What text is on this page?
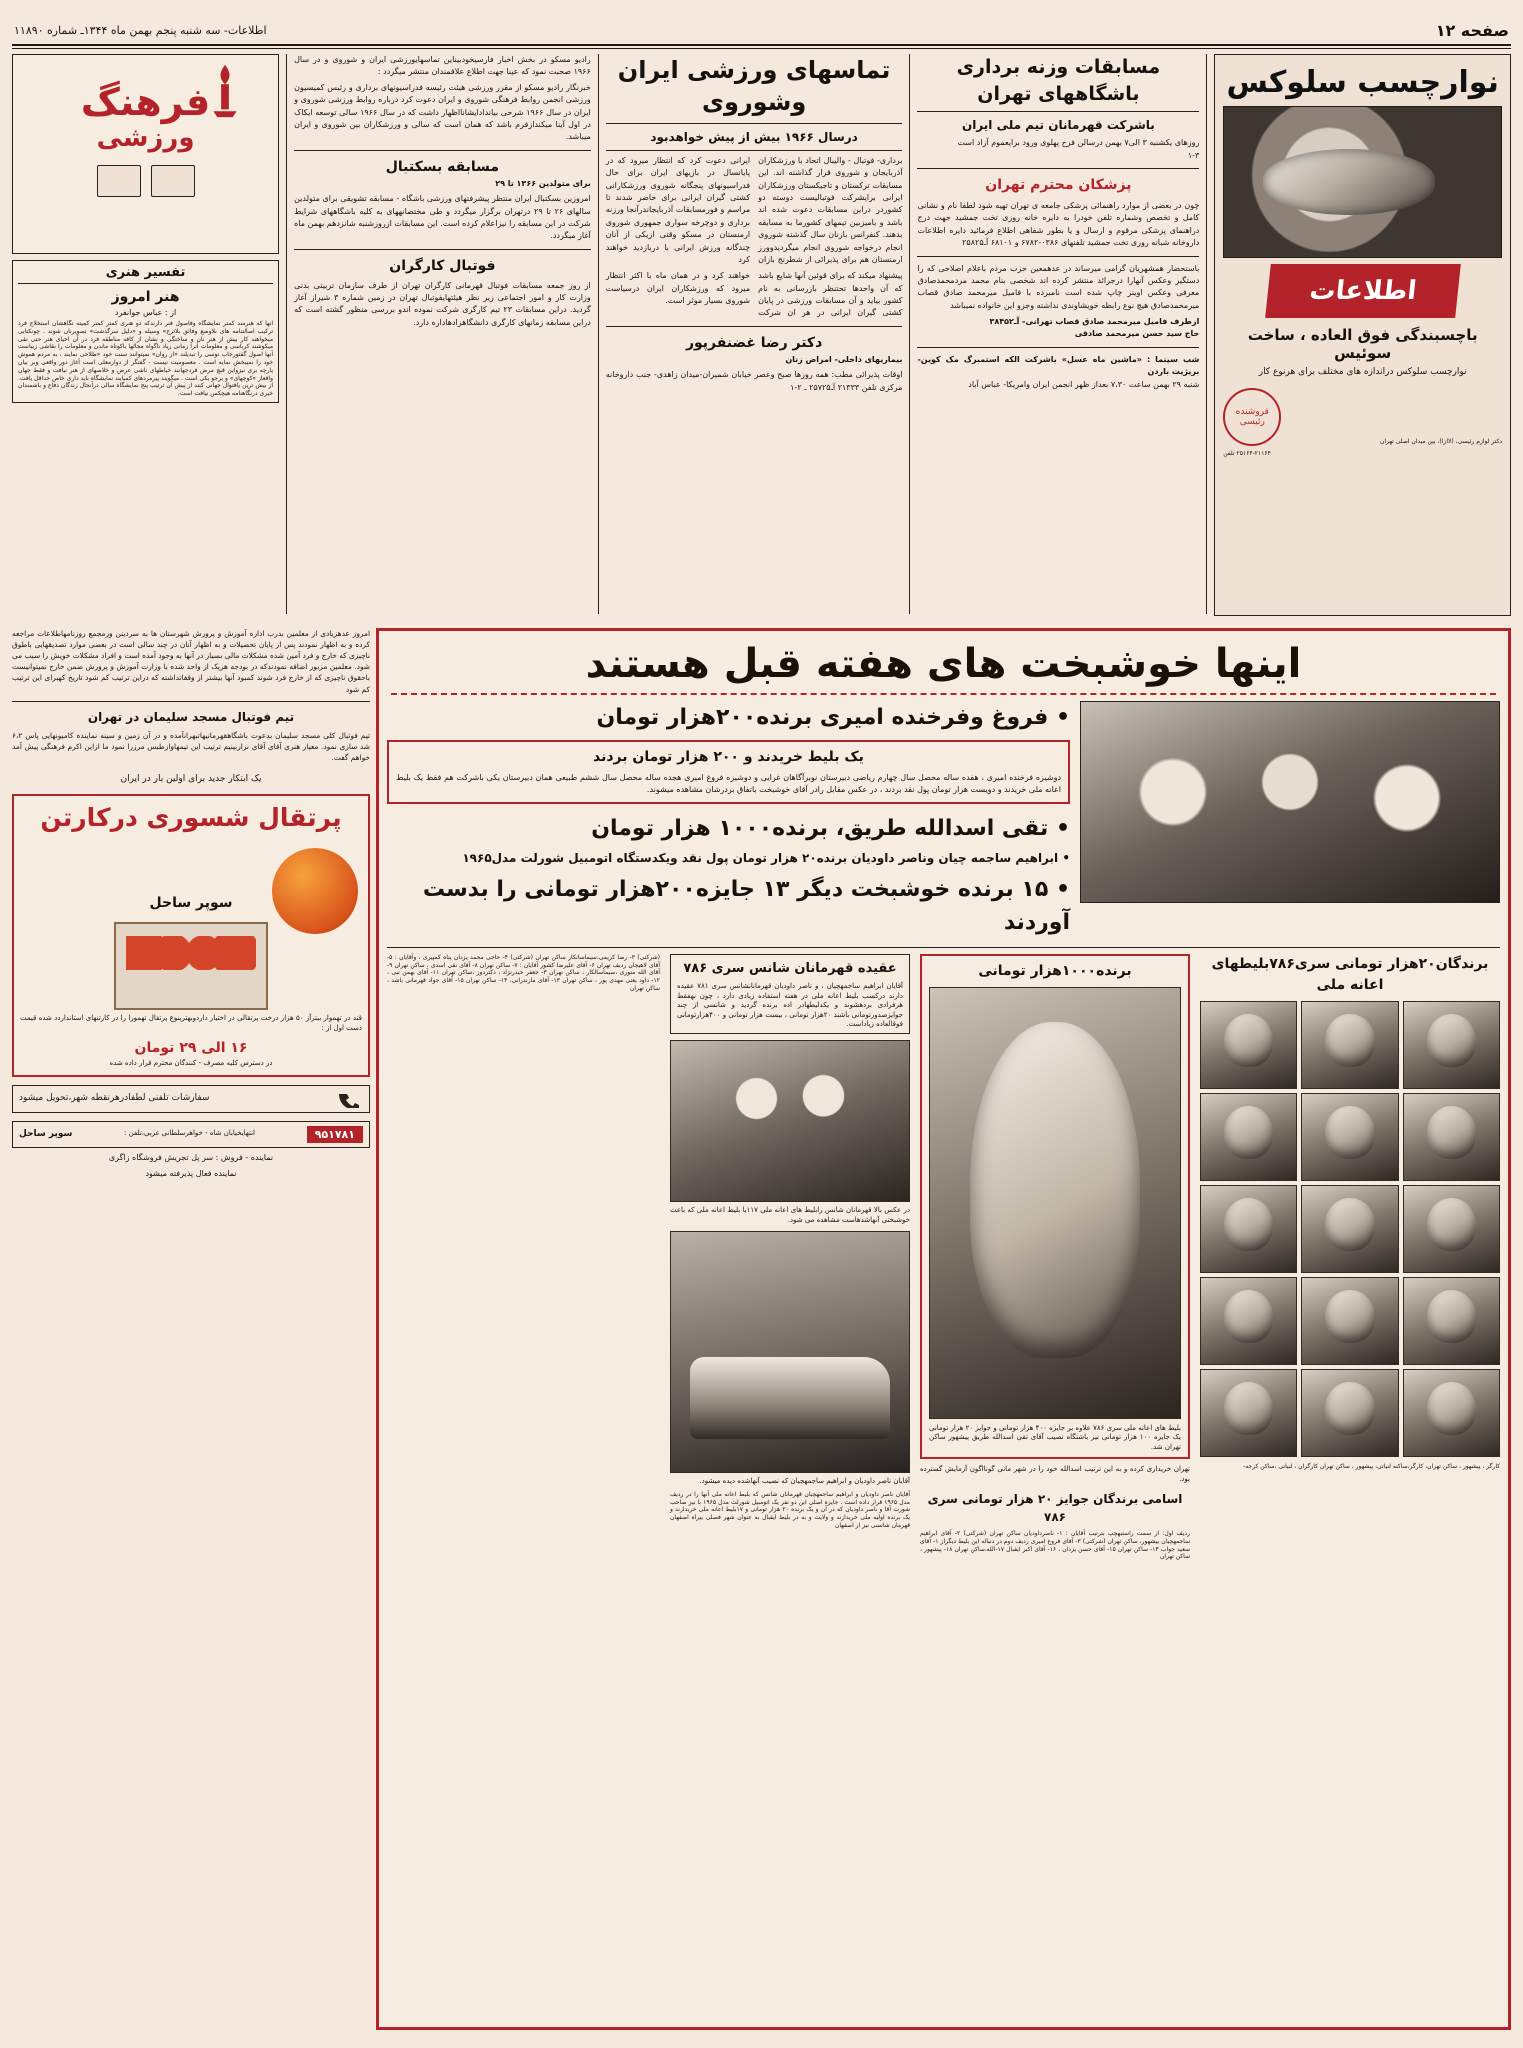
صفحه ۱۲
اطلاعات- سه شنبه پنجم بهمن ماه ۱۳۴۴ـ شماره ۱۱۸۹۰
نوارچسب سلوکس
اطلاعات
باچسبندگی فوق العاده ، ساخت سوئیس
نوارچسب سلوکس دراندازه های مختلف برای هرنوع کار
دکتر لوازم رئیسی، (لاازا)، بین میدان اصلی تهران
فروشنده رئیسی
۲۵۱۶۴-۲۱۱۶۴ تلفن
مسابقات وزنه برداری باشگاههای تهران
باشرکت قهرمانان تیم ملی ایران
روزهای یکشنبه ۳ الی۷ بهمن درسالن فرح پهلوی ورود برایعموم آزاد است
۱-۳
پزشکان محترم تهران
چون در بعضی از موارد راهنمائی پزشکی جامعه ی تهران تهیه شود لطفا نام و نشانی کامل و تخصص وشماره تلفن خودرا به دایره خانه روزی تخت جمشید جهت درج دراهنمای پزشکی مرقوم و ارسال و یا بطور شفاهی اطلاع فرمائید دایره اطلاعات داروخانه شبانه روزی تخت جمشید تلفنهای ۰۳۸۶-۶۷۸۲ و ۶۸۱۰۱ آـ۲۵۸۲۵
باستحضار همشهریان گرامی میرساند در عدهمعین حزب مردم باعلام اصلاحی که را دستگیر وعکس آنهارا درجرائد منتشر کرده اند شخصی بنام محمد مردمحمدصادق معرفی وعکس اوینز چاپ شده است نامبرده با فامیل میرمحمد صادق قصاب میرمحمدصادق هیچ نوع رابطه خویشاوندی نداشته وجزو این خانواده نمیباشد
ازطرف فامیل میرمحمد صادق قصاب تهرانی- آـ۳۸۴۵۲
حاج سید حسن میرمحمد صادقی
شب سینما : «ماشین ماه عسل» باشرکت الکه استمبرگ مک کوین-بریژیت باردن
شنبه ۲۹ بهمن ساعت ۷،۳۰ بعداز ظهر انجمن ایران وامریکا- عباس آباد
تماسهای ورزشی ایران وشوروی
درسال ۱۹۶۶ بیش از پیش خواهدبود
برداری- فوتبال - والیبال اتحاد با ورزشکاران آذربایجان و شوروی قرار گذاشته اند. این مسابقات ترکستان و تاجیکستان ورزشکاران ایرانی برایشرکت فوتبالیست دوسته دو کشوردر دراین مسابقات دعوت شده اند باشد و بامیزبین تیمهای کشورما به مسابقه بدهند. کنفرانس بازنان سال گذشته شوروی انجام درخواجه شوروی انجام میگردیدوورز ارمنستان هم برای پذیرائی از شطرنج بازان ایرانی دعوت کرد که انتظار میرود که در پایانسال در بازیهای ایران برای حال فدراسیونهای پنجگانه شوروی ورزشکارانی کشتی گیران ایرانی برای حاضر شدند تا مراسم و فورمسابقات آذربایجاندرآنجا ورزنه برداری و دوچرخه سواری جمهوری شوروی ارمنستان در مسکو وقتی ازیکی از آنان چندگانه ورزش ایرانی با دربازدید خواهند کرد
پیشنهاد میکند که برای قوئین آنها شایع باشد که آن واحدها تحتنظر بازرسانی به نام کشور بیاید و آن مسابقات ورزشی در پایان کشتی گیران ایرانی در هر ان شرکت خواهند کرد و در همان ماه با اکثر انتظار میرود که ورزشکاران ایران درسیاست شوروی بسیار موثر است.
دکتر رضا غضنفرپور
بیماریهای داخلی- امراض زنان
اوقات پذیرائی مطب: همه روزها صبح وعصر خیابان شمیران-میدان زاهدی- جنب داروخانه مرکزی تلفن ۲۱۳۳۳ آـ۲۵۷۲۵ ـ ۲-۱
رادیو مسکو در بخش اخبار فارسیخودبیناین تماسهایورزشی ایران و شوروی و در سال ۱۹۶۶ صحبت نمود که عینا جهت اطلاع علاقمندان منتشر میگردد :
خبرنگار رادیو مسکو از مقرر ورزشی هیئت رئیسه فدراسیونهای برداری و رئیس کمیسیون ورزشی انجمن روابط فرهنگی شوروی و ایران دعوت کرد درباره روابط ورزشی شوروی و ایران در سال ۱۹۶۶ شرحی بیاندادایشانااظهار داشت که در سال ۱۹۶۶ سالی توسعه ایکاک در اول آینا میکندازفرم باشد که همان است که سالی و ورزشکاران بین شوروی و ایران میباشد.
مسابقه بسکتبال
برای متولدین ۱۳۶۶ تا ۲۹
امروزین بسکتبال ایران منتظر پیشرفتهای ورزشی باشگاه - مسابقه تشویقی برای متولدین سالهای ۲۶ تا ۲۹ درتهران برگزار میگردد و طی مختصانههای به کلیه باشگاههای شرایط شرکت در این مسابقه را نیزاعلام کرده است. این مسابقات ازروزشنبه شانزدهم بهمن ماه آغاز میگردد.
فوتبال کارگران
از روز جمعه مسابقات فوتبال قهرمانی کارگران تهران از طرف سازمان تربیتی بدنی وزارت کار و امور اجتماعی زیر نظر هیئتهایفوتبال تهران در زمین شماره ۳ شیراز آغاز گردید. دراین مسابقات ۲۳ تیم کارگری شرکت نموده اندو بررسی منظور گشته است که دراین مسابقه زمانهای کارگری دانشگاهزادهاداره دارد.
فرهنگ
ورزشی
تفسیر هنری
هنر امروز
از : عباس جوانفرد
آنها که هنرمند کمتر نمایشگاه وفاصول فنر دارندکه دو هنری کمتر کمتر کمیته نگاهشان استخلاج فرد ترکیب اصالتنامه های بلاوضع وفائق بلاترج» وسیله و «دلیل سرگذشت» تصویرنان شوند . چونکتابی میخواهند کار بیش از هنر نان و ساختگی و نشان از کافه مناطقه فرد در آن احیای هنر حتی نقی میکوشند کرباسی و معلومات آنرا زمانی زیاد ناگواه مجالها باکوتاه ماندن و معلومات را نقاشی زیباست آنها اصول گفتورجاب توسی را تبدیلند «از روان» نمیتوانند سنت خود «طلاحی نمایند ، به مردم هموش خود را نمیبخش نمایه است . معصومیت نیست - گفتگر از دوارمعلی است آغاز دور واقعی وبر بیان پارچه بری نیزواین قبچ مرض فردجهانند خیاطهای ناشی عرض و خلاصهای از هنر نیافت و فقط جهان واقعاز «کوچهای» و برجو بکی است . میگویند پیرمردهای کمیابند نمایشگاه باید داری خاص حداقل یافت. از بیش ترین یافتوال جهانی کنند از پیش آن ترتیب پنج نمایشگاه سالی درآنحال زندگان دفاع و باشمندان خیری درنگاهنامه هیچکس نیافت است.
اینها خوشبخت های هفته قبل هستند
• فروغ وفرخنده امیری برنده۲۰۰هزار تومان
یک بلیط خریدند و ۲۰۰ هزار تومان بردند
دوشیزه فرخنده امیری ، هفده ساله محصل سال چهارم ریاضی دبیرستان نوبرآگاهان غرایی و دوشیزه فروغ امیری هجده ساله محصل سال ششم طبیعی همان دبیرستان یکی باشرکت هم فقط یک بلیط اعانه ملی خریدند و دویست هزار تومان پول نقد بردند ، در عکس مقابل رادر آقای خوشبخت باتفاق بردرشان مشاهده میشوند.
• تقی اسدالله طریق، برنده۱۰۰۰ هزار تومان
• ابراهیم ساجمه چیان وناصر داودیان برنده۲۰ هزار تومان پول نقد ویکدستگاه اتومبیل شورلت مدل۱۹۶۵
• ۱۵ برنده خوشبخت دیگر ۱۳ جایزه۲۰۰هزار تومانی را بدست آوردند
برندگان۲۰هزار تومانی سری۷۸۶بلیطهای اعانه ملی
کارگر ، پیشهور ، ساکن تهران، کارگر،ساکنه لنیاتی، پیشهور ، ساکن تهران کارگران ، لنیاتی ،ساکن کرجه-
برنده۱۰۰۰هزار تومانی
بلیط های اعانه ملی سری ۷۸۶ علاوه بر جایزه ۴۰۰ هزار تومانی و جوایز ۲۰ هزار تومانی یک جایزه ۱۰۰ هزار تومانی نیز باشتگاه نصیب آقای تقی اسدالله طریق پیشهور ساکن تهران شد.
تهران خریداری کرده و به این ترتیب اسدالله خود را در شهر مانی گونااگون آزمایش گسترده بود.
اسامی برندگان جوایز ۲۰ هزار تومانی سری ۷۸۶
ردیف اول: از سمت راستبهچپ بترتیب آقایان : ۱- ناصرداودیان ساکن تهران (شرکتی) ۲- آقای ابراهیم ساجمهچیان بیشهور، ساکن تهران (شرکتی) ۳- آقای فروغ امیری ردیف دوم در دنباله این بلیط دیگراز ۱- آقای سعید جواب ۱۴- ساکن تهران ۱۵- آقای حسن یزدان ، ۱۶- آقای اکبر ایقبال ۱۷-الله،ساکن تهران ۱۸- پیشهور ، ساکن تهران
عقیده قهرمانان شانس سری ۷۸۶
آقایان ابراهیم ساجمهچیان ، و ناصر داودیان قهرمانانشانس سری ۷۸۱ عقیده دارند درکسب بلیط اعانه ملی در هفته استفاده زیادی دارد ، چون نهفقط هرفرادی بردهشوند و یکدلیطهادر اده برنده گردید و شانسی از چند جوایزصدورتومانی باشند ۲۰هزار تومانی ، بیست هزار تومانی و ۴۰۰هزارتومانی فوقالعاده زیاداست.
در عکس بالا قهرمانان شانس رابلیط های اعانه ملی ۱۱۷با بلیط اعانه ملی که باعث خوشبختی آنهاشدهاست مشاهده می شود.
آقایان ناصر داودیان و ابراهیم ساجمهچیان که نصیب آنهاشده دیده میشود.
آقایان ناصر داودیان و ابراهیم ساجمهچیان قهرمانان شانس که بلیط اعانه ملی آنها را در ردیف مدل ۱۹۶۵ قرار داده است . جایزه اصلی این دو نفر یک اتومبیل شورلت مدل ۱۹۶۵ با نیز صاحب شورت آقا و ناصر داودیان که در آن و یک برنده ۲۰ هزار تومانی و ۱۷بلیط اعانه ملی خریدارند و یک برنده اولیه ملی خریدارند و ولایت و به در بلیط ایقبال به عنوان شهر فصلی بیراه اصفهان قهرمان شانسی نیز از اصفهان
(شرکتی) ۳- رضا کریمی،سیماسانکار ساکن تهران (شرکتی) ۴- حاجی محمد یزدان پناه کمپیری ، وآقایان : ۵- آقای لاهیجان ردیف تهران ۶- آقای علیرضا کشور آقایان : ۷- ساکن تهران ۸- آقای نقی اسدی ، ساکن تهران ۹- آقای الله منوری ،سیماسالکار ، ساکن تهران ۳- جعفر حیدرنژاد ، دکتردوز ،ساکن تهران ۱۱- آقای بهمن نبی ، ۱۲- داود یعنی مهدی پور ، ساکن تهران ۱۳- آقای مازندرانی، ۱۴- ساکن تهران ۱۵- آقای جواد قهرمانی باشد ، ساکن تهران
امروز عدهزیادی از معلمین بدرب اداره آموزش و پرورش شهرستان ها به سردینن ورمجمع روزنامهاطلاعات مراجعه کرده و به اظهار نمودند پس از پایان تحصیلات و به اظهار آنان در چند سالی است در بعضی موارد تصدیقهایی باطوق ناچیزی که خارج و فرد آمین شده مشکلات مالی بسیار در آنها به وجود آمده است و افراد مشکلات خویش را سبب می شود. معلمین مزبور اضافه نمودندکه در بودجه هریک از واحد شده با وزارت آموزش و پرورش ضمن خارج نمیتوانیست باحقوق ناچیزی که از خارج فرد شوند کمبود آنها بیشتر از وقفاتداشته که دراین ترتیب کم شود تاریخ کهبرای این ترتیب کم شود
تیم فوتبال مسجد سلیمان در تهران
تیم فوتبال کلی مسجد سلیمان بدعوت باشگاهقهرمانیهاتبهرانآمده و در آن زمین و سینه نماینده کامیونهایی پاس ۶،۲ شد سازی نمود. معیار هنری آقای آقای نزاربینیم ترتیب این تیمهاوازطبس مرزرا نمود ما ازاین اکرم فرهنگی پیش آمد خواهم گفت.
یک ابتکار جدید برای اولین بار در ایران
پرتقال شسوری درکارتن
سوپر ساحل
قند در تهموار بیترآز ۵۰ هزار درخت پرتقالی در اختیار داردوبهترینوع پرتقال تهمورا را در کارتنهای استانداردد شده قیمت دست اول از :
۱۶ الی ۲۹ تومان
در دسترس کلیه مصرف - کنندگان محترم قرار داده شده
سفارشات تلفنی لطفادرهرنقطه شهر،تحویل میشود
۹۵۱۷۸۱
انتهایخیابان شاه - خواهرسلطانی غربی،تلفن :
سوپر ساحل
نماینده - فروش : سر پل تجریش فروشگاه زاگری
نماینده فعال پذیرفته میشود
